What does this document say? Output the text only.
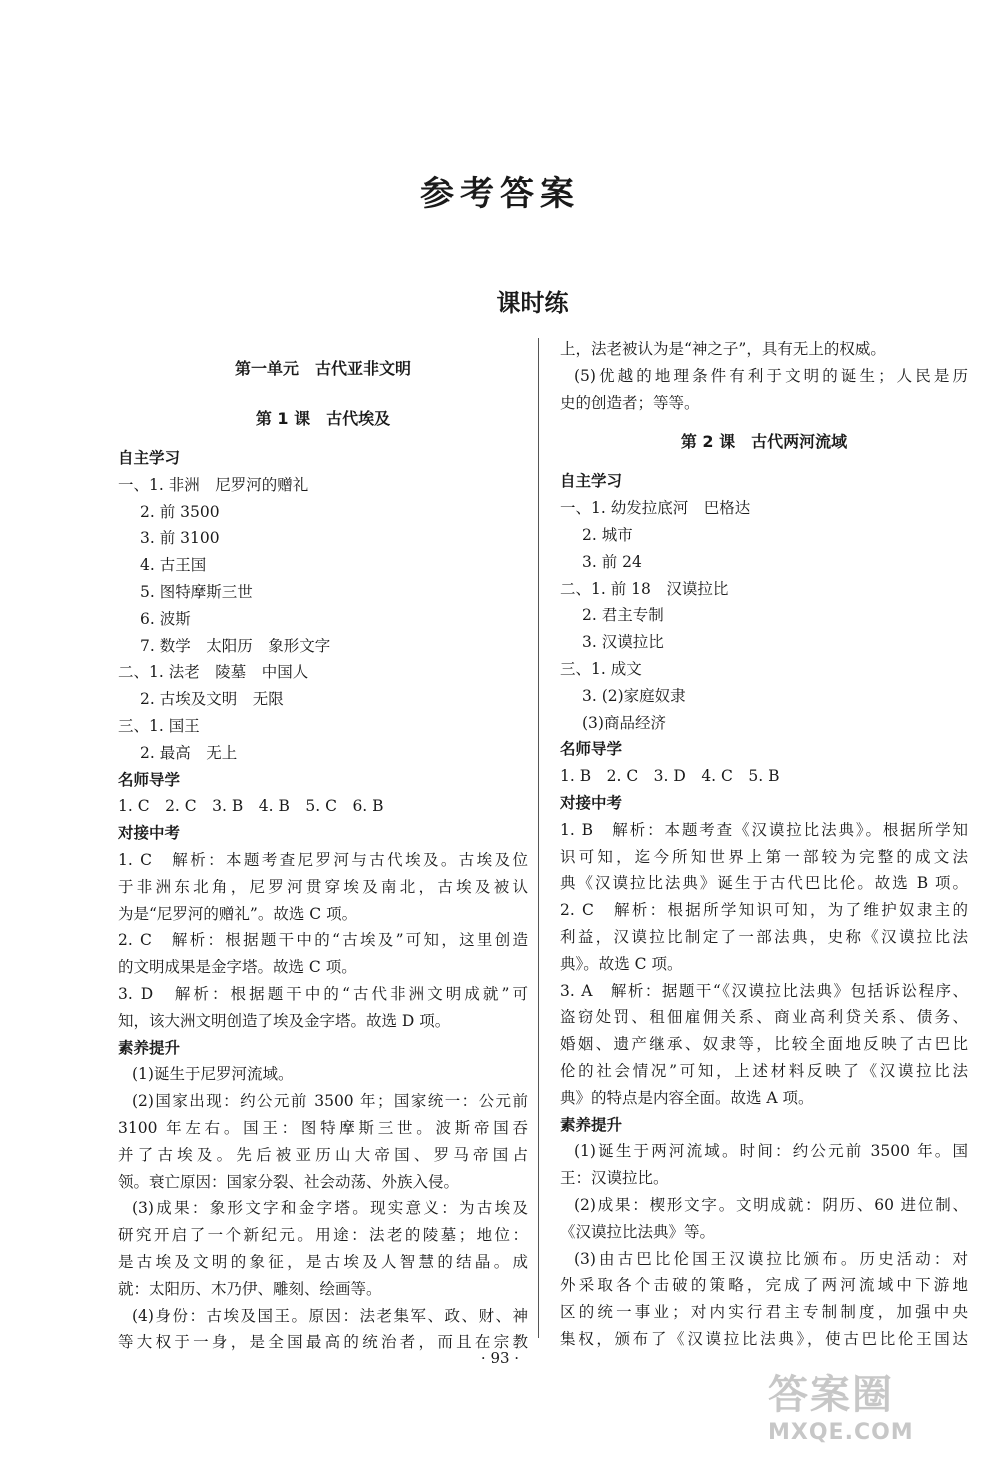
参考答案
课时练
第一单元　古代亚非文明
第 1 课　古代埃及
自主学习
一、1. 非洲　尼罗河的赠礼
2. 前 3500
3. 前 3100
4. 古王国
5. 图特摩斯三世
6. 波斯
7. 数学　太阳历　象形文字
二、1. 法老　陵墓　中国人
2. 古埃及文明　无限
三、1. 国王
2. 最高　无上
名师导学
1. C　2. C　3. B　4. B　5. C　6. B
对接中考
1. C　解析：本题考查尼罗河与古代埃及。古埃及位
于非洲东北角，尼罗河贯穿埃及南北，古埃及被认
为是“尼罗河的赠礼”。故选 C 项。
2. C　解析：根据题干中的“古埃及”可知，这里创造
的文明成果是金字塔。故选 C 项。
3. D　解析：根据题干中的“古代非洲文明成就”可
知，该大洲文明创造了埃及金字塔。故选 D 项。
素养提升
(1)诞生于尼罗河流域。
(2)国家出现：约公元前 3500 年；国家统一：公元前
3100 年左右。国王：图特摩斯三世。波斯帝国吞
并了古埃及。先后被亚历山大帝国、罗马帝国占
领。衰亡原因：国家分裂、社会动荡、外族入侵。
(3)成果：象形文字和金字塔。现实意义：为古埃及
研究开启了一个新纪元。用途：法老的陵墓；地位：
是古埃及文明的象征，是古埃及人智慧的结晶。成
就：太阳历、木乃伊、雕刻、绘画等。
(4)身份：古埃及国王。原因：法老集军、政、财、神
等大权于一身，是全国最高的统治者，而且在宗教
上，法老被认为是“神之子”，具有无上的权威。
(5)优越的地理条件有利于文明的诞生；人民是历
史的创造者；等等。
第 2 课　古代两河流域
自主学习
一、1. 幼发拉底河　巴格达
2. 城市
3. 前 24
二、1. 前 18　汉谟拉比
2. 君主专制
3. 汉谟拉比
三、1. 成文
3. (2)家庭奴隶
(3)商品经济
名师导学
1. B　2. C　3. D　4. C　5. B
对接中考
1. B　解析：本题考查《汉谟拉比法典》。根据所学知
识可知，迄今所知世界上第一部较为完整的成文法
典《汉谟拉比法典》诞生于古代巴比伦。故选 B 项。
2. C　解析：根据所学知识可知，为了维护奴隶主的
利益，汉谟拉比制定了一部法典，史称《汉谟拉比法
典》。故选 C 项。
3. A　解析：据题干“《汉谟拉比法典》包括诉讼程序、
盗窃处罚、租佃雇佣关系、商业高利贷关系、债务、
婚姻、遗产继承、奴隶等，比较全面地反映了古巴比
伦的社会情况”可知，上述材料反映了《汉谟拉比法
典》的特点是内容全面。故选 A 项。
素养提升
(1)诞生于两河流域。时间：约公元前 3500 年。国
王：汉谟拉比。
(2)成果：楔形文字。文明成就：阴历、60 进位制、
《汉谟拉比法典》等。
(3)由古巴比伦国王汉谟拉比颁布。历史活动：对
外采取各个击破的策略，完成了两河流域中下游地
区的统一事业；对内实行君主专制制度，加强中央
集权，颁布了《汉谟拉比法典》，使古巴比伦王国达
· 93 ·
答案圈
MXQE.COM
